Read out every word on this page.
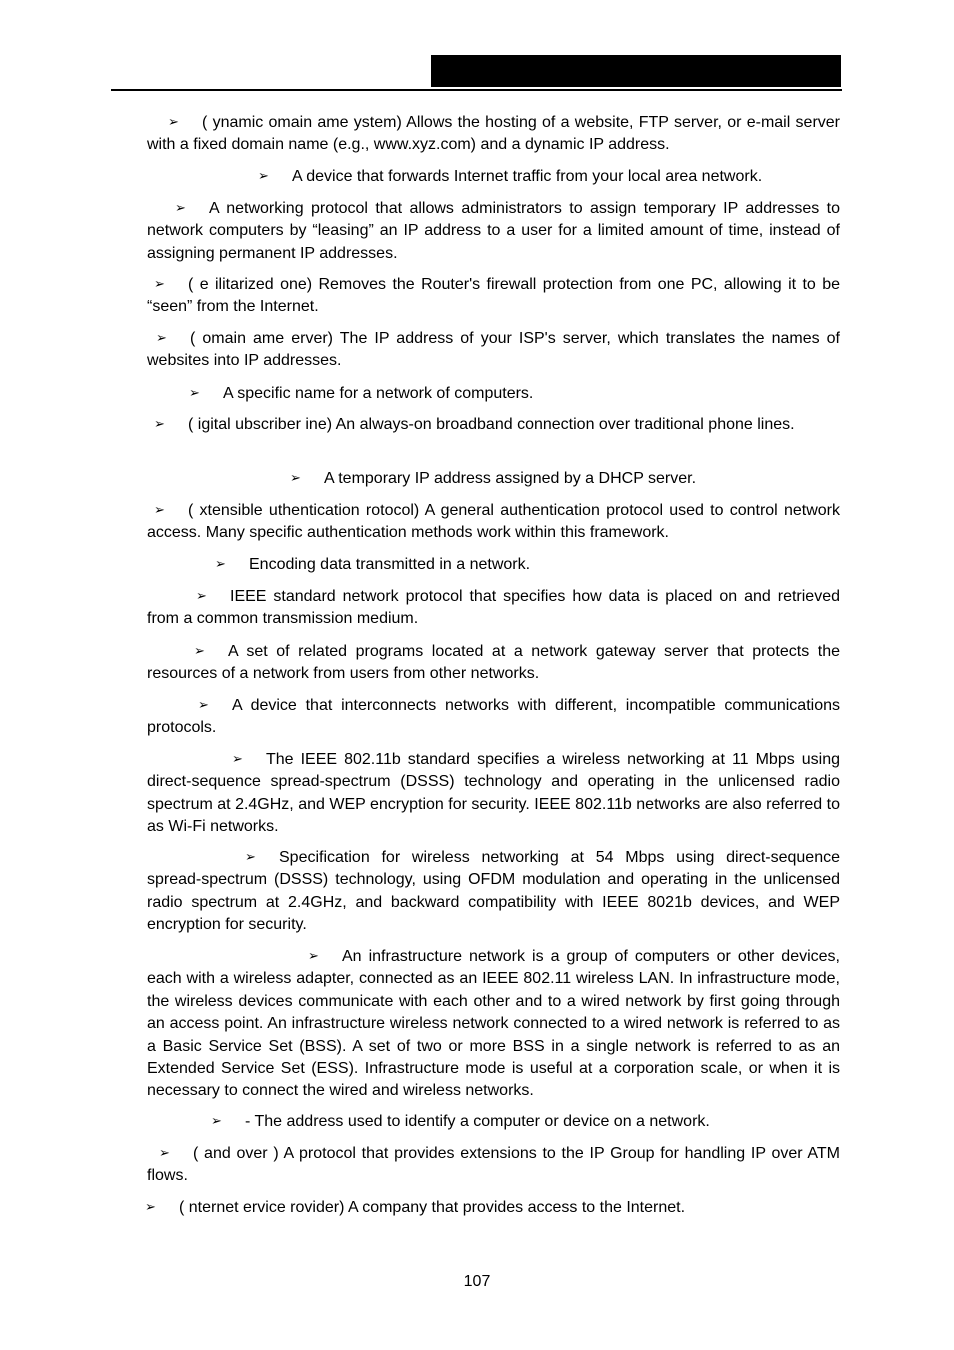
➢ ( ynamic omain ame ystem) Allows the hosting of a website, FTP server, or e-mail server with a fixed domain name (e.g., www.xyz.com) and a dynamic IP address.
➢ A device that forwards Internet traffic from your local area network.
➢ A networking protocol that allows administrators to assign temporary IP addresses to network computers by “leasing” an IP address to a user for a limited amount of time, instead of assigning permanent IP addresses.
➢ ( e ilitarized one) Removes the Router's firewall protection from one PC, allowing it to be “seen” from the Internet.
➢ ( omain ame erver) The IP address of your ISP's server, which translates the names of websites into IP addresses.
➢ A specific name for a network of computers.
➢ ( igital ubscriber ine) An always-on broadband connection over traditional phone lines.
➢ A temporary IP address assigned by a DHCP server.
➢ ( xtensible uthentication rotocol) A general authentication protocol used to control network access. Many specific authentication methods work within this framework.
➢ Encoding data transmitted in a network.
➢ IEEE standard network protocol that specifies how data is placed on and retrieved from a common transmission medium.
➢ A set of related programs located at a network gateway server that protects the resources of a network from users from other networks.
➢ A device that interconnects networks with different, incompatible communications protocols.
➢ The IEEE 802.11b standard specifies a wireless networking at 11 Mbps using direct-sequence spread-spectrum (DSSS) technology and operating in the unlicensed radio spectrum at 2.4GHz, and WEP encryption for security. IEEE 802.11b networks are also referred to as Wi-Fi networks.
➢ Specification for wireless networking at 54 Mbps using direct-sequence spread-spectrum (DSSS) technology, using OFDM modulation and operating in the unlicensed radio spectrum at 2.4GHz, and backward compatibility with IEEE 8021b devices, and WEP encryption for security.
➢ An infrastructure network is a group of computers or other devices, each with a wireless adapter, connected as an IEEE 802.11 wireless LAN. In infrastructure mode, the wireless devices communicate with each other and to a wired network by first going through an access point. An infrastructure wireless network connected to a wired network is referred to as a Basic Service Set (BSS). A set of two or more BSS in a single network is referred to as an Extended Service Set (ESS). Infrastructure mode is useful at a corporation scale, or when it is necessary to connect the wired and wireless networks.
➢ - The address used to identify a computer or device on a network.
➢ ( and over ) A protocol that provides extensions to the IP Group for handling IP over ATM flows.
➢ ( nternet ervice rovider) A company that provides access to the Internet.
107
